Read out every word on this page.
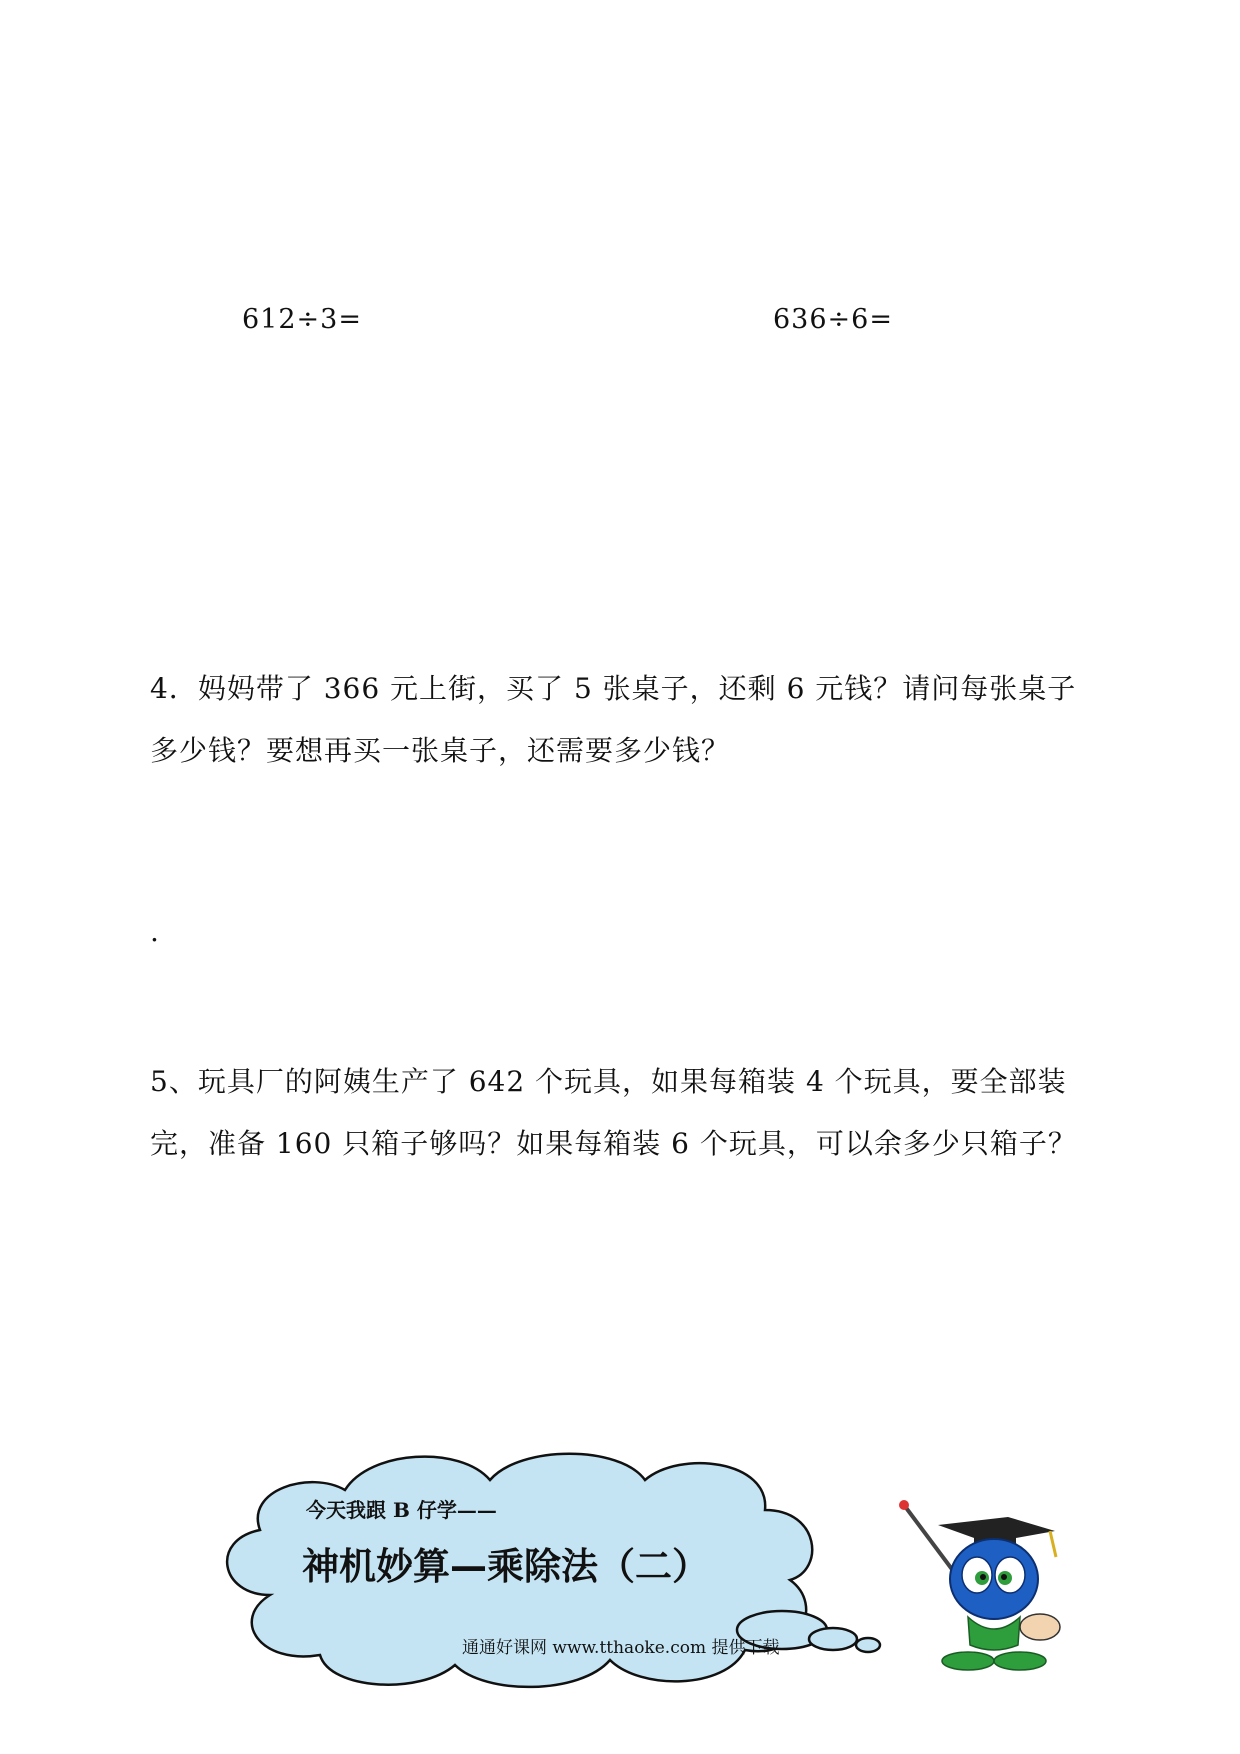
612÷3=	636÷6=
4．妈妈带了 366 元上街，买了 5 张桌子，还剩 6 元钱？请问每张桌子
多少钱？要想再买一张桌子，还需要多少钱？
.
5、玩具厂的阿姨生产了 642 个玩具，如果每箱装 4 个玩具，要全部装
完，准备 160 只箱子够吗？如果每箱装 6 个玩具，可以余多少只箱子？
今天我跟 B 仔学——
神机妙算—乘除法（二）
通通好课网 www.tthaoke.com 提供下载
